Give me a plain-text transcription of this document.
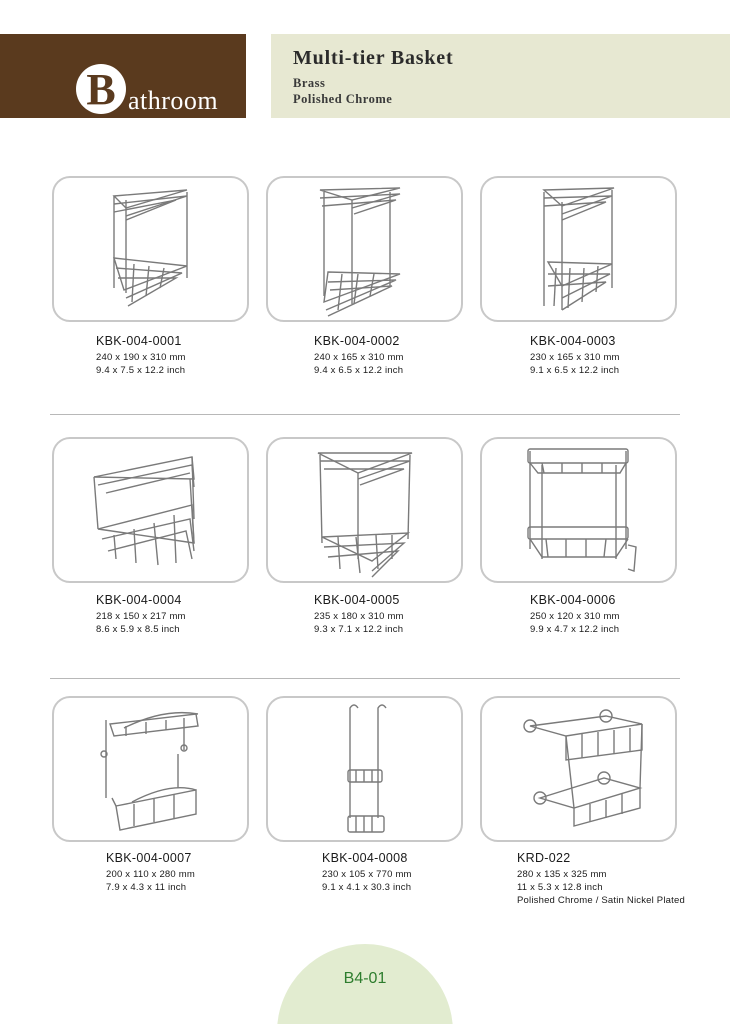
B athroom
Accessories
Multi-tier Basket
Brass
Polished Chrome
KBK-004-0001
240 x 190 x 310 mm
9.4 x 7.5 x 12.2 inch
KBK-004-0002
240 x 165 x 310 mm
9.4 x 6.5 x 12.2 inch
KBK-004-0003
230 x 165 x 310 mm
9.1 x 6.5 x 12.2 inch
KBK-004-0004
218 x 150 x 217 mm
8.6 x 5.9 x 8.5 inch
KBK-004-0005
235 x 180 x 310 mm
9.3 x 7.1 x 12.2 inch
KBK-004-0006
250 x 120 x 310 mm
9.9 x 4.7 x 12.2 inch
KBK-004-0007
200 x 110 x 280 mm
7.9 x 4.3 x 11 inch
KBK-004-0008
230 x 105 x 770 mm
9.1 x 4.1 x 30.3 inch
KRD-022
280 x 135 x 325 mm
11 x 5.3 x 12.8 inch
Polished Chrome / Satin Nickel Plated
B4-01
